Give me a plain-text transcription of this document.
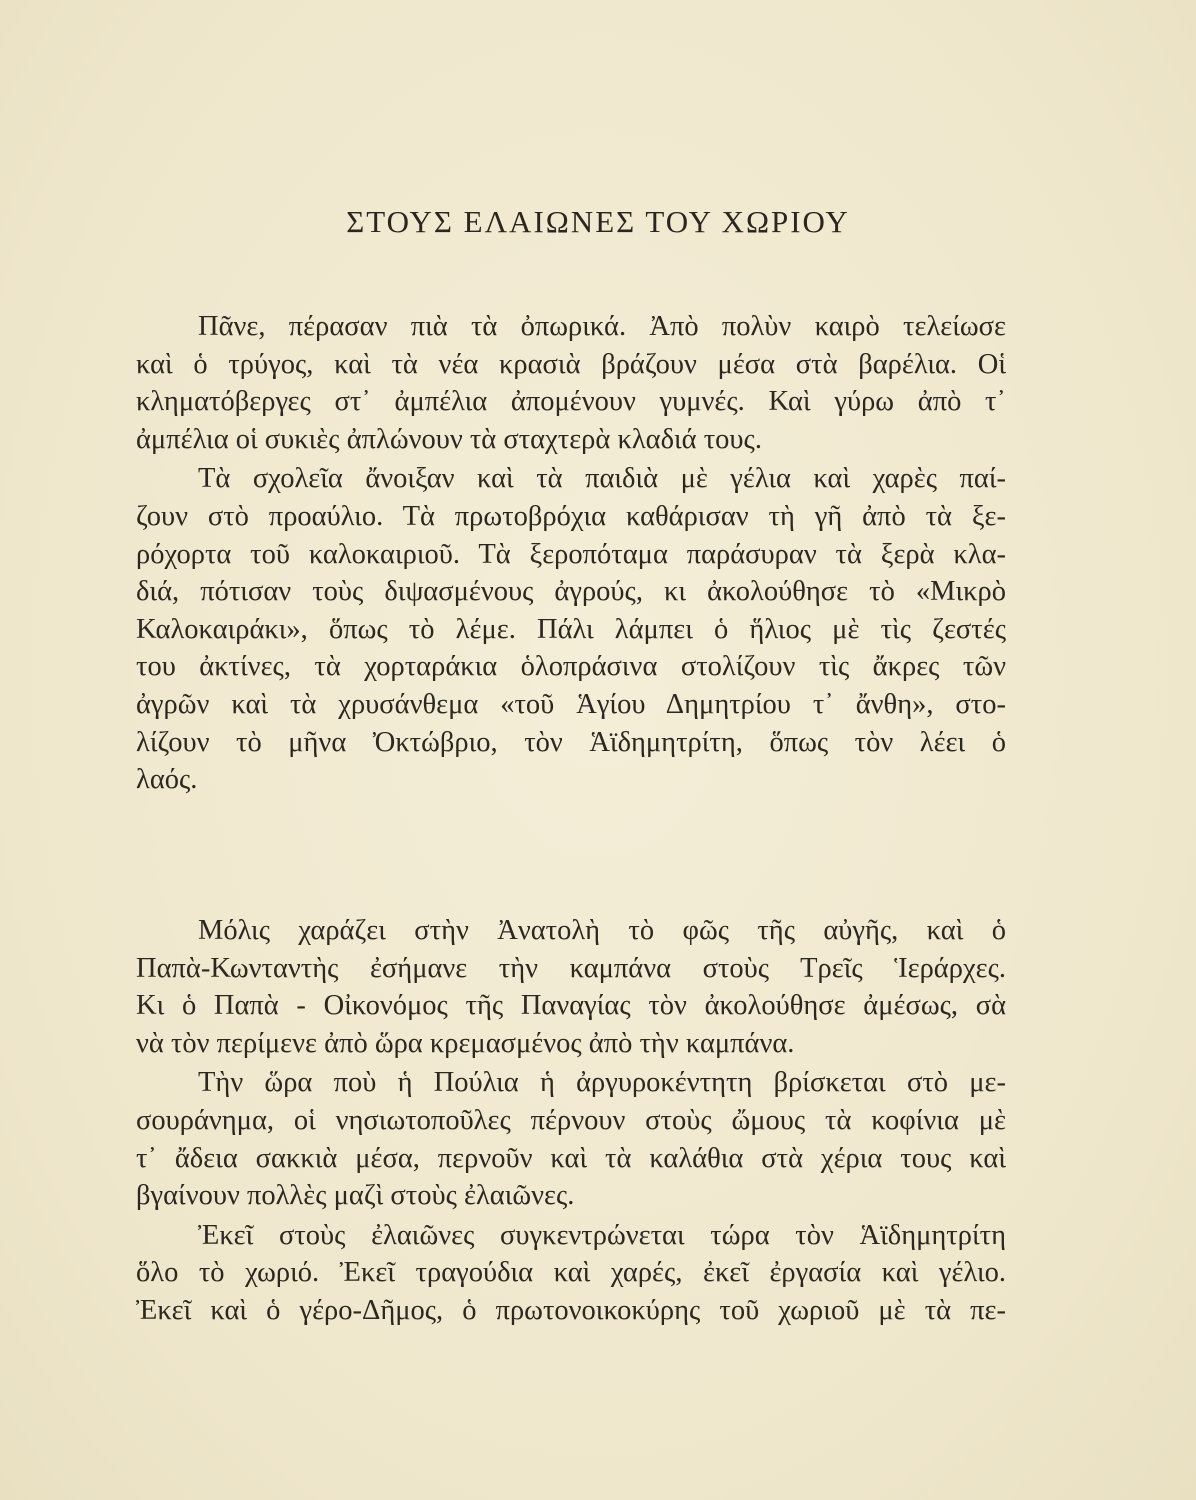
ΣΤΟΥΣ ΕΛΑΙΩΝΕΣ ΤΟΥ ΧΩΡΙΟΥ
Πᾶνε, πέρασαν πιὰ τὰ ὀπωρικά. Ἀπὸ πολὺν καιρὸ τελείωσε
καὶ ὁ τρύγος, καὶ τὰ νέα κρασιὰ βράζουν μέσα στὰ βαρέλια. Οἱ
κληματόβεργες στ᾿ ἀμπέλια ἀπομένουν γυμνές. Καὶ γύρω ἀπὸ τ᾿
ἀμπέλια οἱ συκιὲς ἀπλώνουν τὰ σταχτερὰ κλαδιά τους.
Τὰ σχολεῖα ἄνοιξαν καὶ τὰ παιδιὰ μὲ γέλια καὶ χαρὲς παί-
ζουν στὸ προαύλιο. Τὰ πρωτοβρόχια καθάρισαν τὴ γῆ ἀπὸ τὰ ξε-
ρόχορτα τοῦ καλοκαιριοῦ. Τὰ ξεροπόταμα παράσυραν τὰ ξερὰ κλα-
διά, πότισαν τοὺς διψασμένους ἀγρούς, κι ἀκολούθησε τὸ «Μικρὸ
Καλοκαιράκι», ὅπως τὸ λέμε. Πάλι λάμπει ὁ ἥλιος μὲ τὶς ζεστές
του ἀκτίνες, τὰ χορταράκια ὁλοπράσινα στολίζουν τὶς ἄκρες τῶν
ἀγρῶν καὶ τὰ χρυσάνθεμα «τοῦ Ἁγίου Δημητρίου τ᾿ ἄνθη», στο-
λίζουν τὸ μῆνα Ὀκτώβριο, τὸν Ἁϊδημητρίτη, ὅπως τὸν λέει ὁ
λαός.
Μόλις χαράζει στὴν Ἀνατολὴ τὸ φῶς τῆς αὐγῆς, καὶ ὁ
Παπὰ-Κωνταντὴς ἐσήμανε τὴν καμπάνα στοὺς Τρεῖς Ἱεράρχες.
Κι ὁ Παπὰ - Οἰκονόμος τῆς Παναγίας τὸν ἀκολούθησε ἀμέσως, σὰ
νὰ τὸν περίμενε ἀπὸ ὥρα κρεμασμένος ἀπὸ τὴν καμπάνα.
Τὴν ὥρα ποὺ ἡ Πούλια ἡ ἀργυροκέντητη βρίσκεται στὸ με-
σουράνημα, οἱ νησιωτοποῦλες πέρνουν στοὺς ὤμους τὰ κοφίνια μὲ
τ᾿ ἄδεια σακκιὰ μέσα, περνοῦν καὶ τὰ καλάθια στὰ χέρια τους καὶ
βγαίνουν πολλὲς μαζὶ στοὺς ἐλαιῶνες.
Ἐκεῖ στοὺς ἐλαιῶνες συγκεντρώνεται τώρα τὸν Ἁϊδημητρίτη
ὅλο τὸ χωριό. Ἐκεῖ τραγούδια καὶ χαρές, ἐκεῖ ἐργασία καὶ γέλιο.
Ἐκεῖ καὶ ὁ γέρο-Δῆμος, ὁ πρωτονοικοκύρης τοῦ χωριοῦ μὲ τὰ πε-
